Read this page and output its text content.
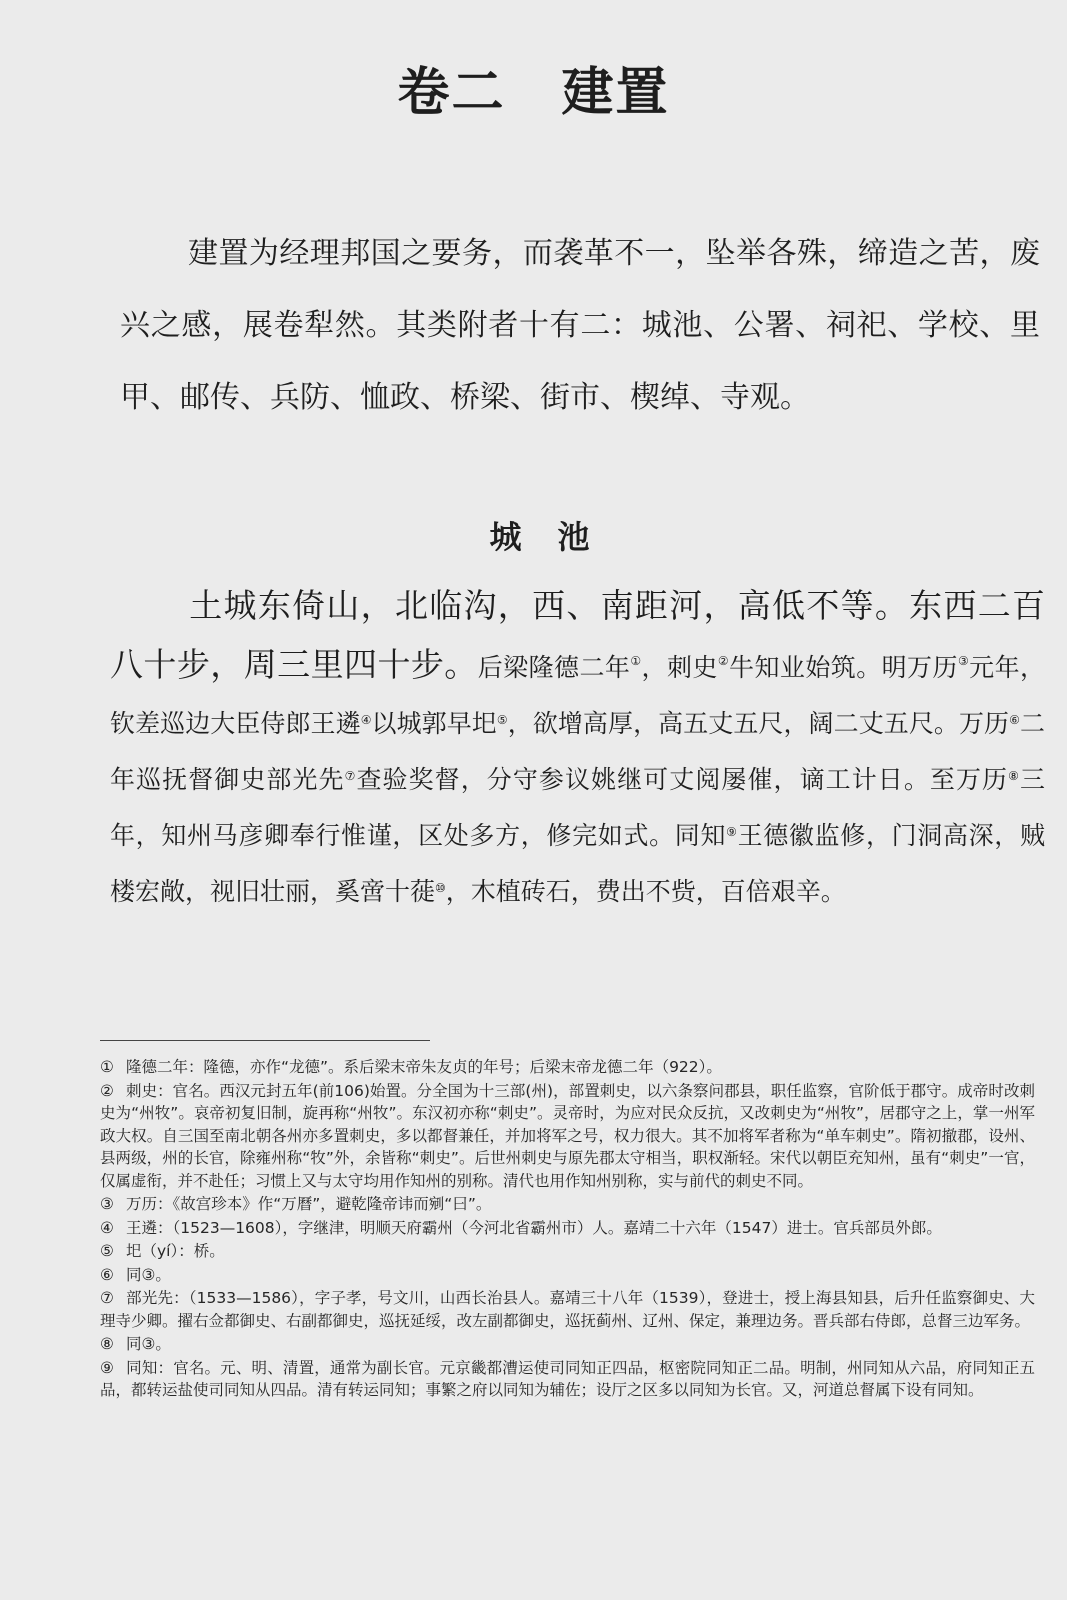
卷二 建置

建置为经理邦国之要务，而袭革不一，坠举各殊，缔造之苦，废兴之感，展卷犁然。其类附者十有二：城池、公署、祠祀、学校、里甲、邮传、兵防、恤政、桥梁、街市、楔绰、寺观。

城池
土城东倚山，北临沟，西、南距河，高低不等。东西二百八十步，周三里四十步。后梁隆德二年①，刺史②牛知业始筑。明万历③元年，钦差巡边大臣侍郎王遴④以城郭早圯⑤，欲增高厚，高五丈五尺，阔二丈五尺。万历⑥二年巡抚督御史部光先⑦查验奖督，分守参议姚继可丈阅屡催，谪工计日。至万历⑧三年，知州马彦卿奉行惟谨，区处多方，修完如式。同知⑨王德徽监修，门洞高深，贼楼宏敞，视旧壮丽，奚啻十蓰⑩，木植砖石，费出不赀，百倍艰辛。

① 隆德二年：隆德，亦作“龙德”。系后梁末帝朱友贞的年号；后梁末帝龙德二年（922）。

② 刺史：官名。西汉元封五年(前106)始置。分全国为十三部(州)，部置刺史，以六条察问郡县，职任监察，官阶低于郡守。成帝时改刺史为“州牧”。哀帝初复旧制，旋再称“州牧”。东汉初亦称“刺史”。灵帝时，为应对民众反抗，又改刺史为“州牧”，居郡守之上，掌一州军政大权。自三国至南北朝各州亦多置刺史，多以都督兼任，并加将军之号，权力很大。其不加将军者称为“单车刺史”。隋初撤郡，设州、县两级，州的长官，除雍州称“牧”外，余皆称“刺史”。后世州刺史与原先郡太守相当，职权渐轻。宋代以朝臣充知州，虽有“刺史”一官，仅属虚衔，并不赴任；习惯上又与太守均用作知州的别称。清代也用作知州别称，实与前代的刺史不同。

③ 万历：《故宫珍本》作“万曆”，避乾隆帝讳而剜“曰”。

④ 王遴：（1523—1608），字继津，明顺天府霸州（今河北省霸州市）人。嘉靖二十六年（1547）进士。官兵部员外郎。

⑤ 圯（yí）：桥。

⑥ 同③。

⑦ 部光先：（1533—1586），字子孝，号文川，山西长治县人。嘉靖三十八年（1539），登进士，授上海县知县，后升任监察御史、大理寺少卿。擢右佥都御史、右副都御史，巡抚延绥，改左副都御史，巡抚蓟州、辽州、保定，兼理边务。晋兵部右侍郎，总督三边军务。

⑧ 同③。

⑨ 同知：官名。元、明、清置，通常为副长官。元京畿都漕运使司同知正四品，枢密院同知正二品。明制，州同知从六品，府同知正五品，都转运盐使司同知从四品。清有转运同知；事繁之府以同知为辅佐；设厅之区多以同知为长官。又，河道总督属下设有同知。
